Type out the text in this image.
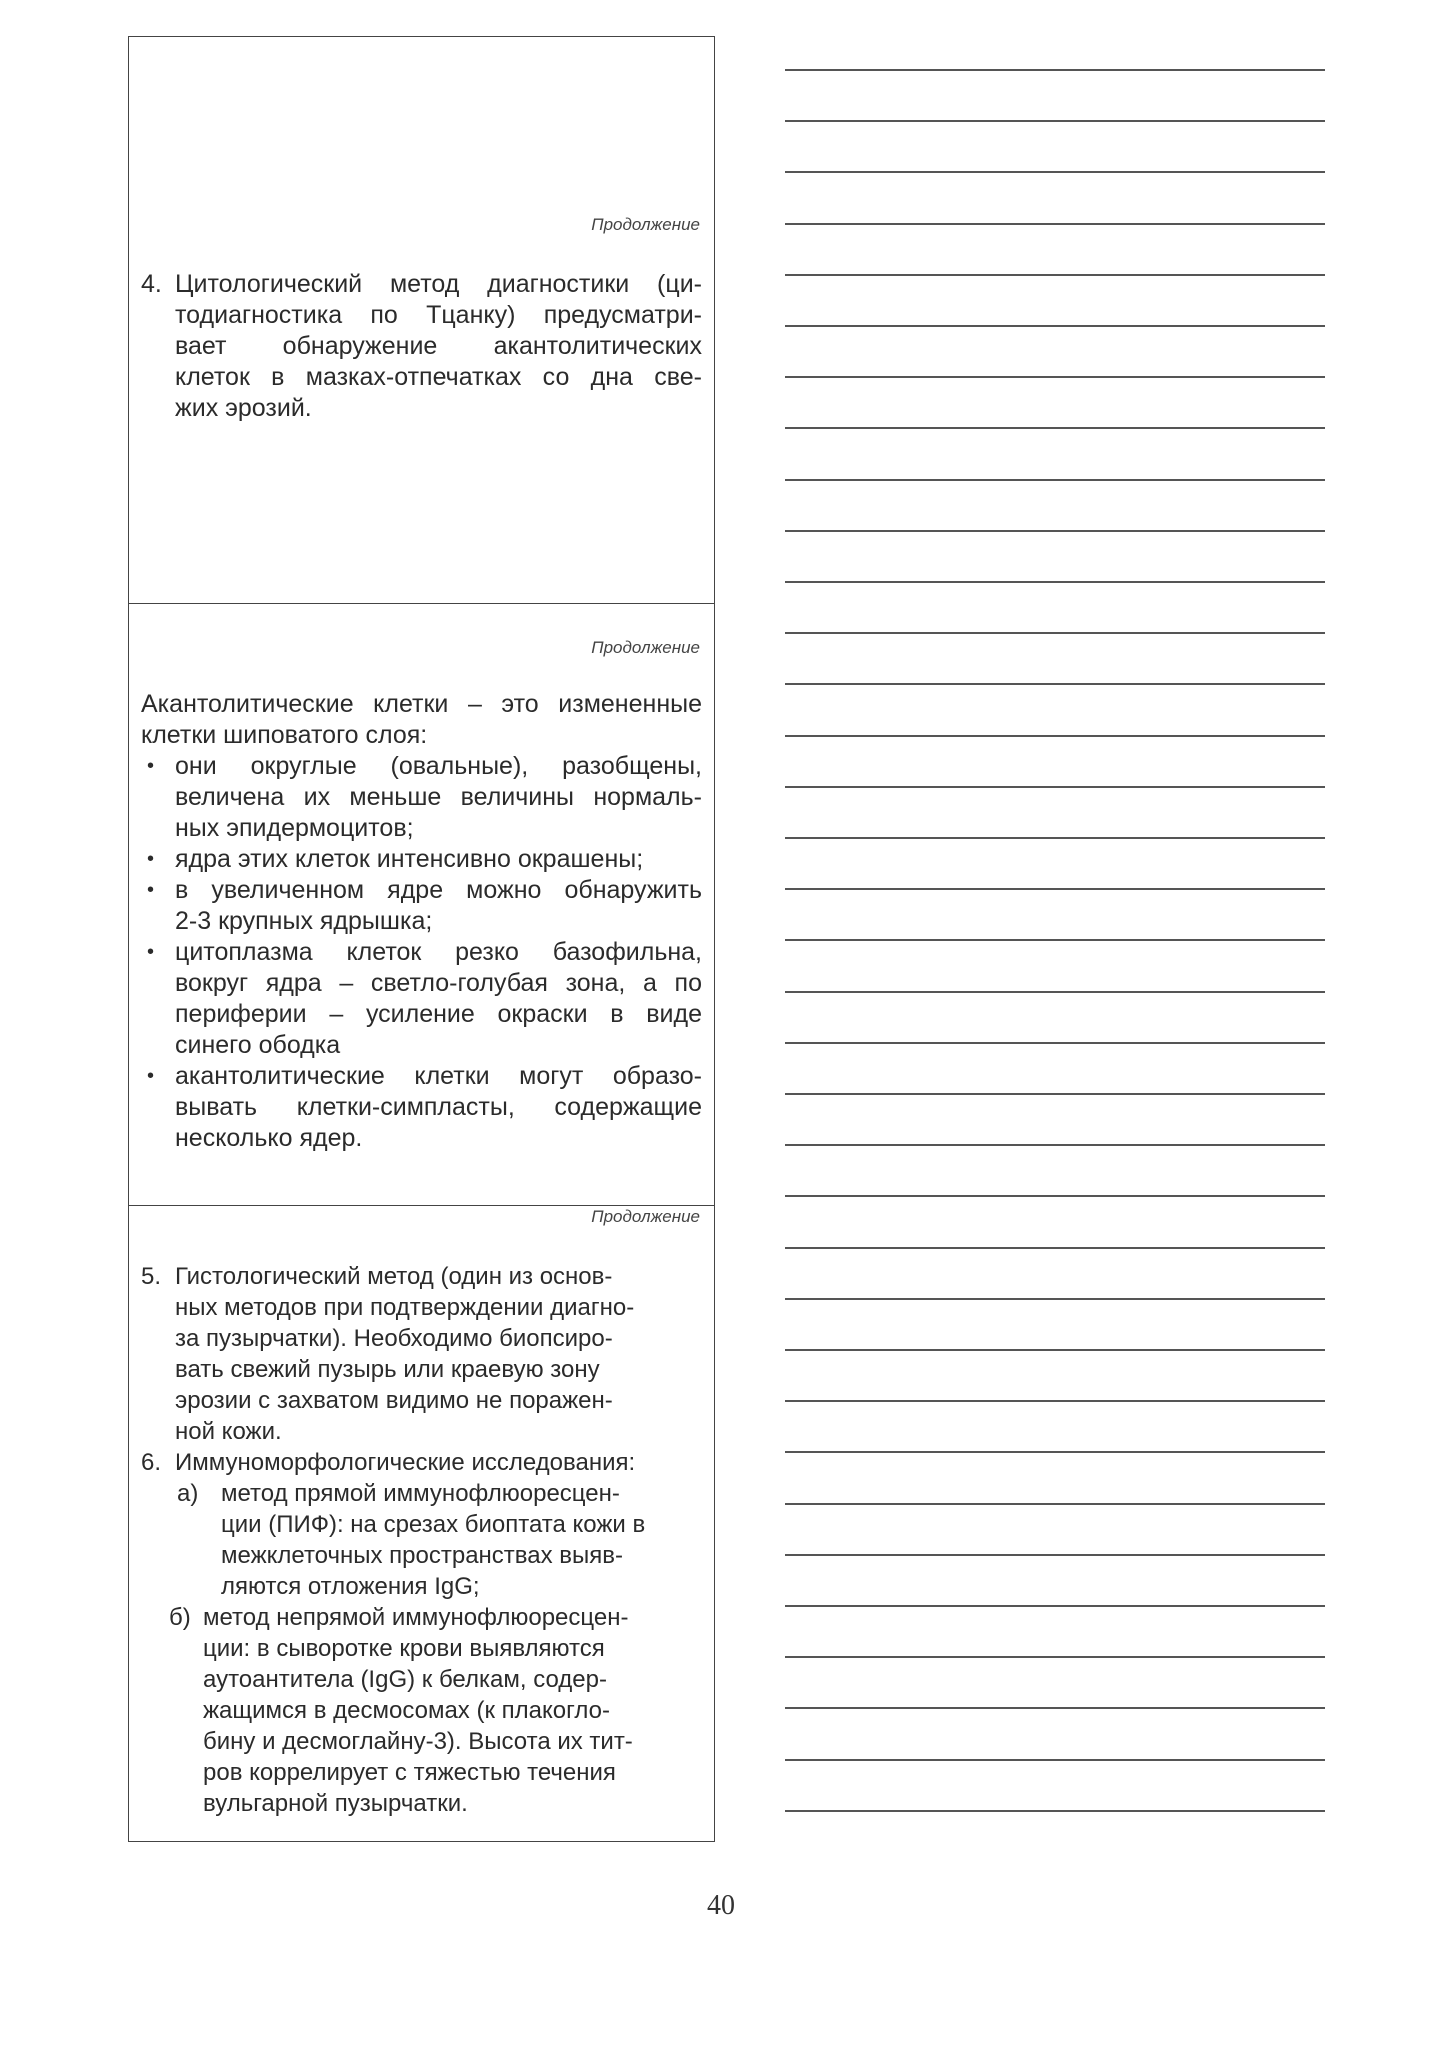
Продолжение
4. Цитологический метод диагностики (ци-
тодиагностика по Тцанку) предусматри-
вает обнаружение акантолитических
клеток в мазках-отпечатках со дна све-
жих эрозий.
Продолжение
Акантолитические клетки – это измененные
клетки шиповатого слоя:
• они округлые (овальные), разобщены,
величена их меньше величины нормаль-
ных эпидермоцитов;
• ядра этих клеток интенсивно окрашены;
• в увеличенном ядре можно обнаружить
2-3 крупных ядрышка;
• цитоплазма клеток резко базофильна,
вокруг ядра – светло-голубая зона, а по
периферии – усиление окраски в виде
синего ободка
• акантолитические клетки могут образо-
вывать клетки-симпласты, содержащие
несколько ядер.
Продолжение
5. Гистологический метод (один из основ-
ных методов при подтверждении диагно-
за пузырчатки). Необходимо биопсиро-
вать свежий пузырь или краевую зону
эрозии с захватом видимо не поражен-
ной кожи.
6. Иммуноморфологические исследования:
а) метод прямой иммунофлюоресцен-
ции (ПИФ): на срезах биоптата кожи в
межклеточных пространствах выяв-
ляются отложения IgG;
б) метод непрямой иммунофлюоресцен-
ции: в сыворотке крови выявляются
аутоантитела (IgG) к белкам, содер-
жащимся в десмосомах (к плакогло-
бину и десмоглайну-3). Высота их тит-
ров коррелирует с тяжестью течения
вульгарной пузырчатки.
40
